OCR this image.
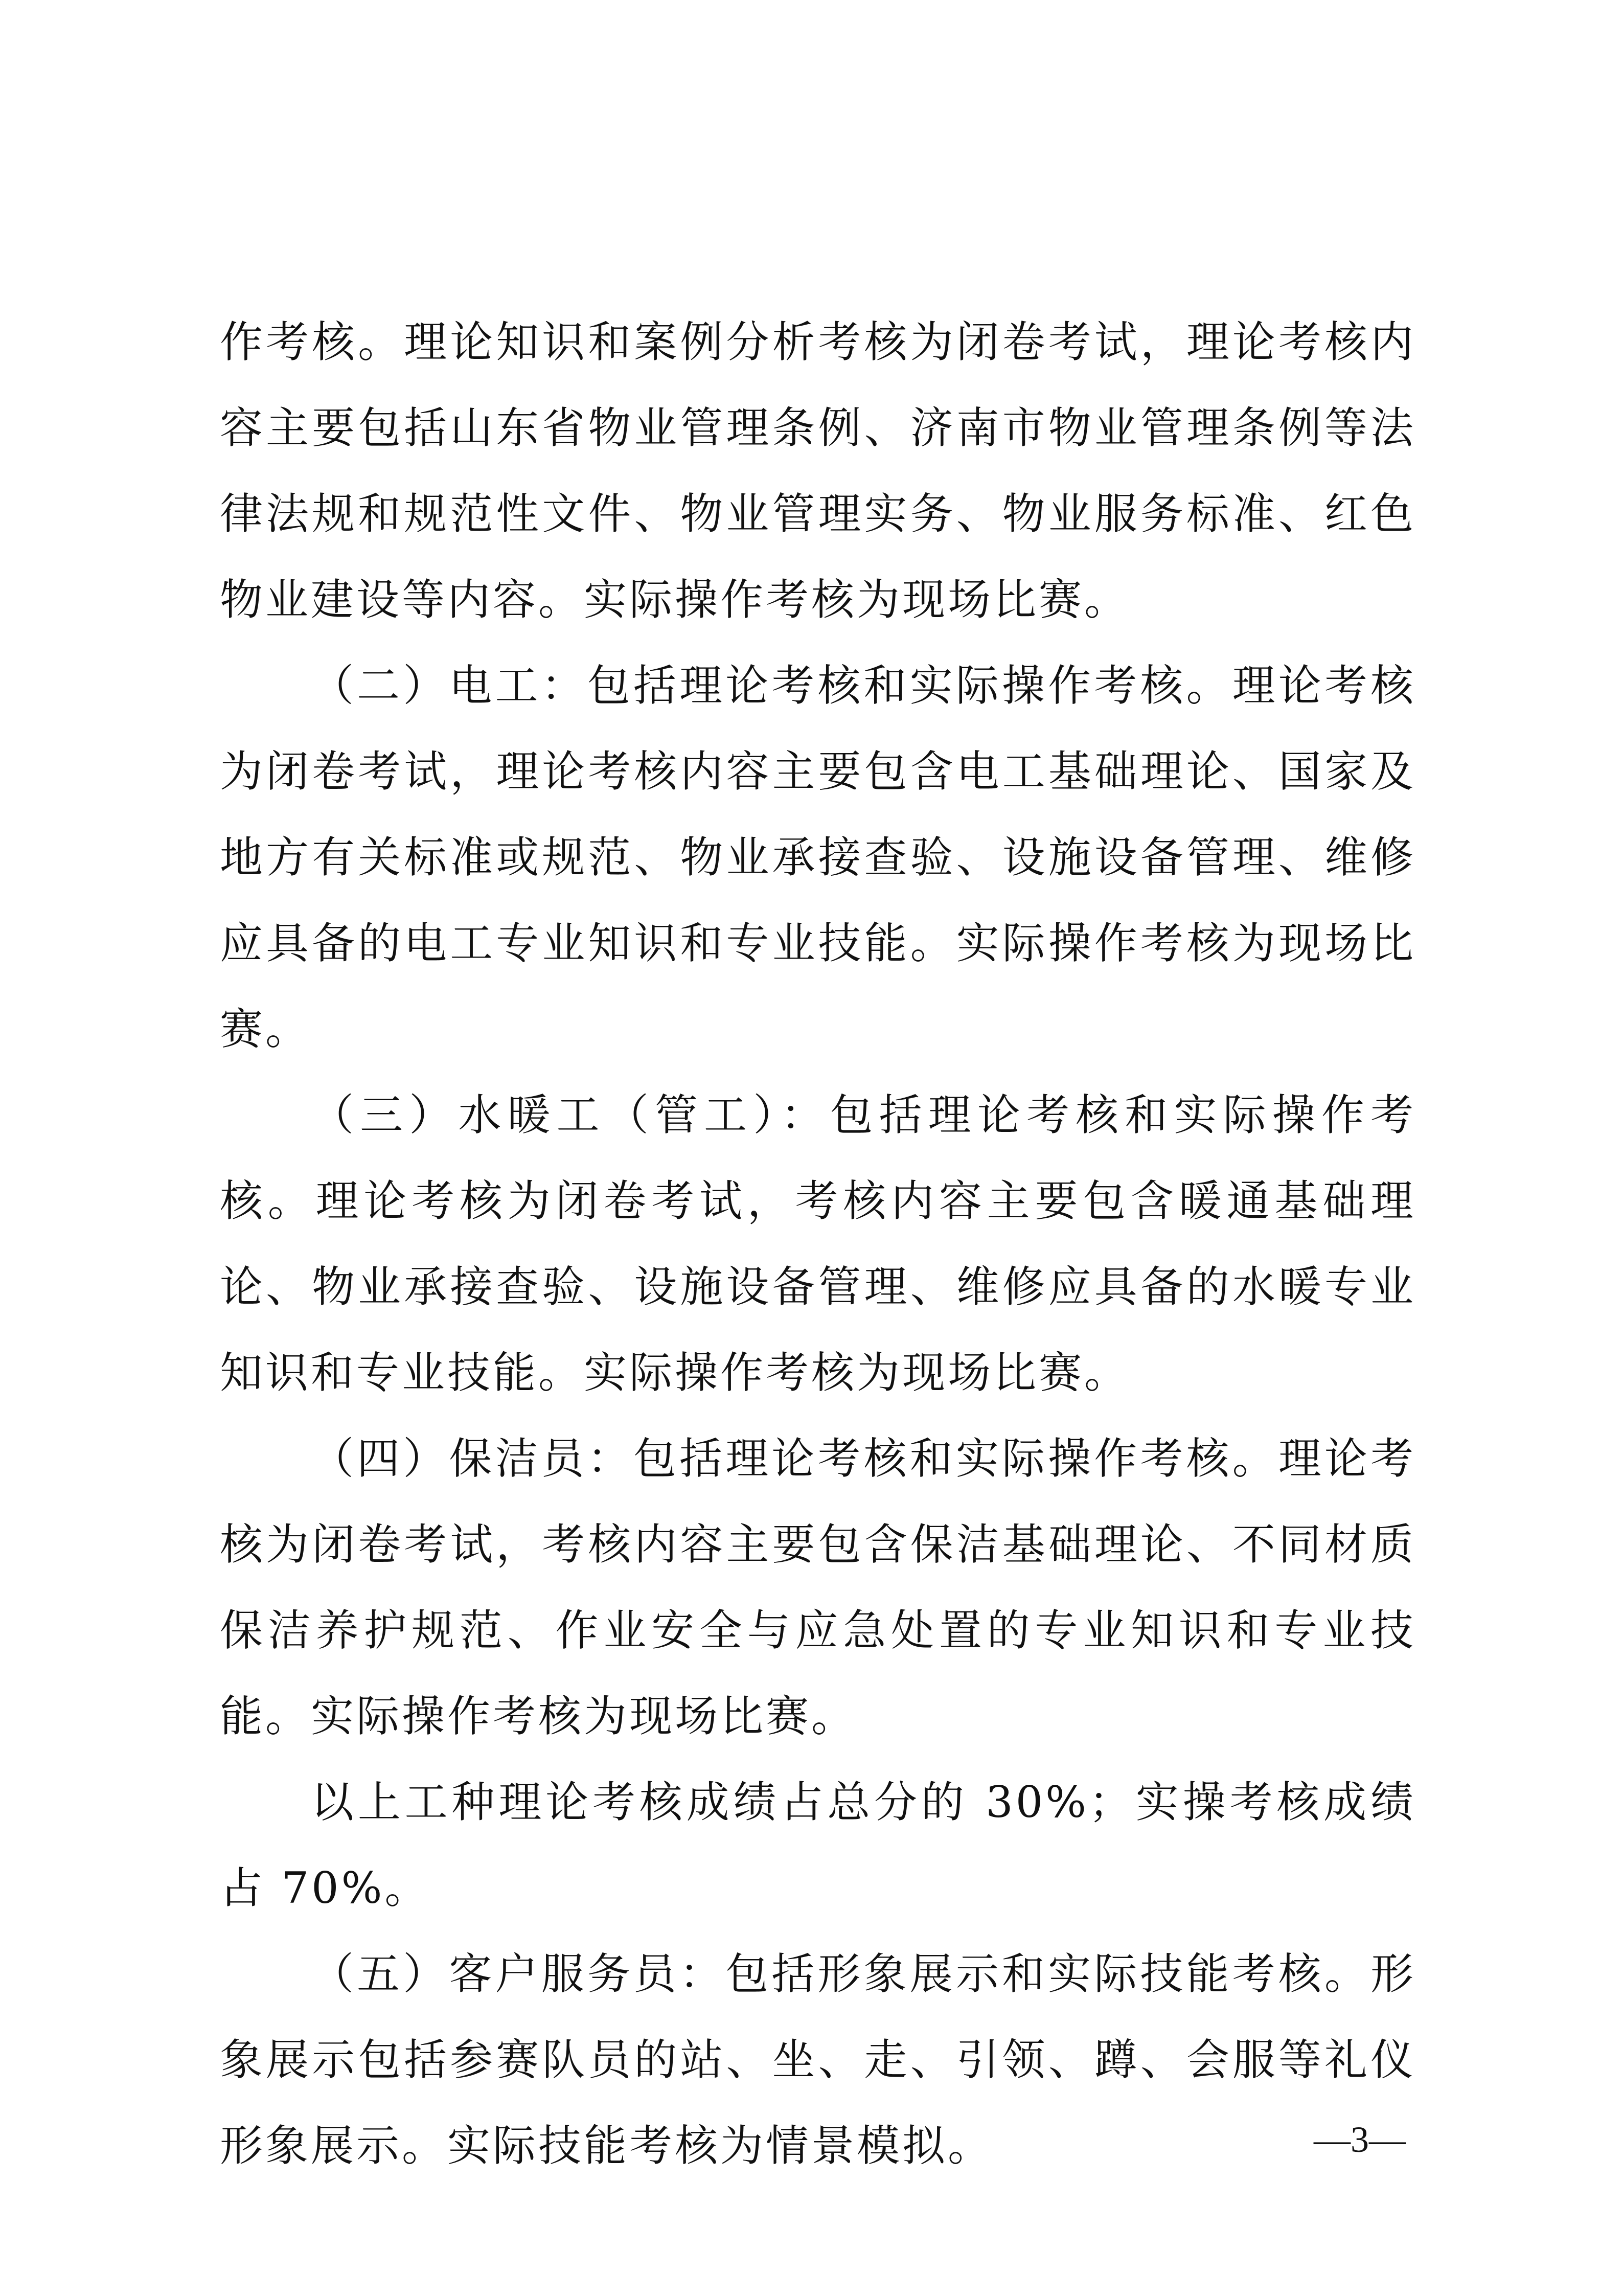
作考核。理论知识和案例分析考核为闭卷考试，理论考核内容主要包括山东省物业管理条例、济南市物业管理条例等法律法规和规范性文件、物业管理实务、物业服务标准、红色物业建设等内容。实际操作考核为现场比赛。

（二）电工：包括理论考核和实际操作考核。理论考核为闭卷考试，理论考核内容主要包含电工基础理论、国家及地方有关标准或规范、物业承接查验、设施设备管理、维修应具备的电工专业知识和专业技能。实际操作考核为现场比赛。

（三）水暖工（管工）：包括理论考核和实际操作考核。理论考核为闭卷考试，考核内容主要包含暖通基础理论、物业承接查验、设施设备管理、维修应具备的水暖专业知识和专业技能。实际操作考核为现场比赛。

（四）保洁员：包括理论考核和实际操作考核。理论考核为闭卷考试，考核内容主要包含保洁基础理论、不同材质保洁养护规范、作业安全与应急处置的专业知识和专业技能。实际操作考核为现场比赛。

以上工种理论考核成绩占总分的 30%；实操考核成绩占 70%。

（五）客户服务员：包括形象展示和实际技能考核。形象展示包括参赛队员的站、坐、走、引领、蹲、会服等礼仪形象展示。实际技能考核为情景模拟。	—3—
